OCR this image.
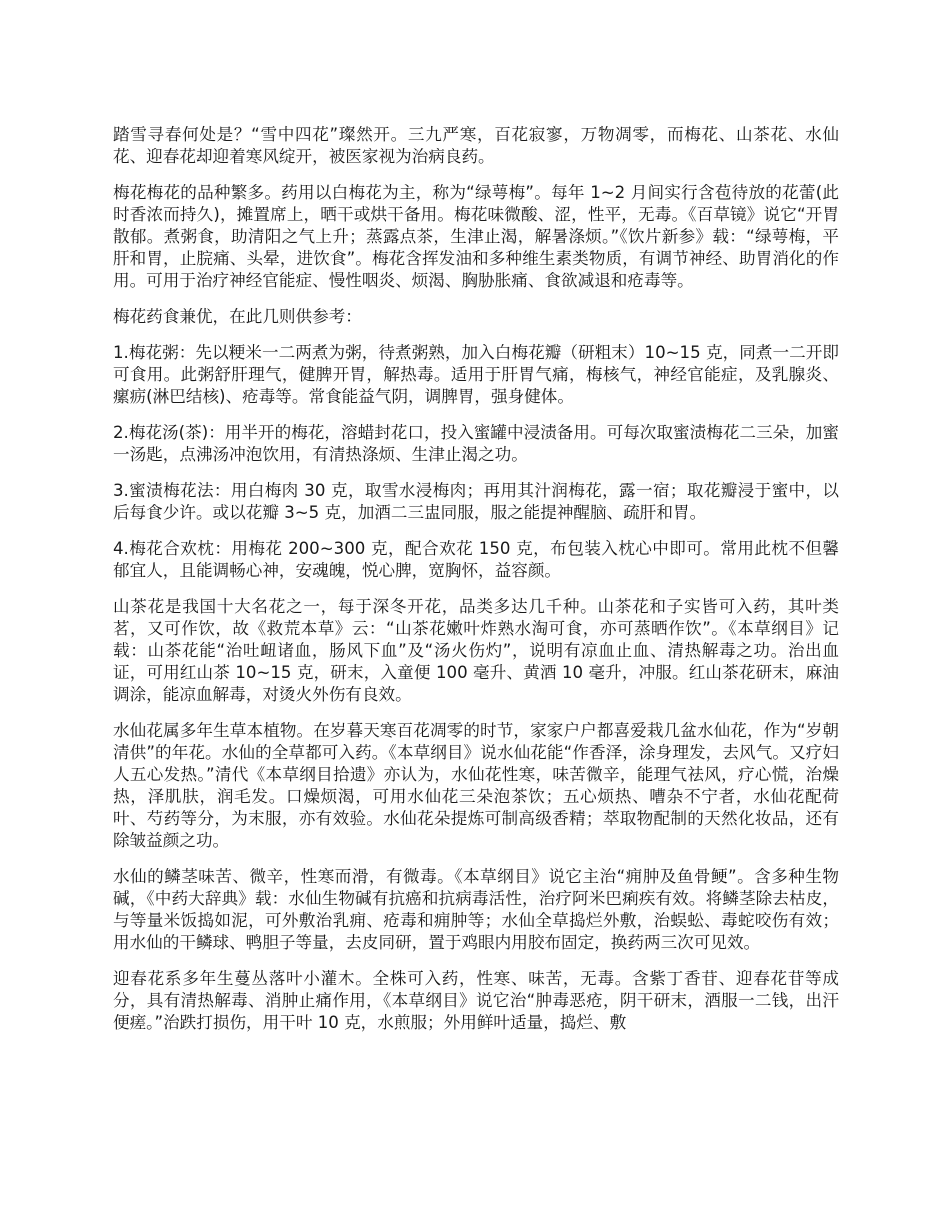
踏雪寻春何处是？“雪中四花”璨然开。三九严寒，百花寂寥，万物凋零，而梅花、山茶花、水仙花、迎春花却迎着寒风绽开，被医家视为治病良药。

梅花梅花的品种繁多。药用以白梅花为主，称为“绿萼梅”。每年 1~2 月间实行含苞待放的花蕾(此时香浓而持久)，摊置席上，晒干或烘干备用。梅花味微酸、涩，性平，无毒。《百草镜》说它“开胃散郁。煮粥食，助清阳之气上升；蒸露点茶，生津止渴，解暑涤烦。”《饮片新参》载：“绿萼梅，平肝和胃，止脘痛、头晕，进饮食”。梅花含挥发油和多种维生素类物质，有调节神经、助胃消化的作用。可用于治疗神经官能症、慢性咽炎、烦渴、胸胁胀痛、食欲减退和疮毒等。

梅花药食兼优，在此几则供参考：

1.梅花粥：先以粳米一二两煮为粥，待煮粥熟，加入白梅花瓣（研粗末）10~15 克，同煮一二开即可食用。此粥舒肝理气，健脾开胃，解热毒。适用于肝胃气痛，梅核气，神经官能症，及乳腺炎、瘰疬(淋巴结核)、疮毒等。常食能益气阴，调脾胃，强身健体。

2.梅花汤(茶)：用半开的梅花，溶蜡封花口，投入蜜罐中浸渍备用。可每次取蜜渍梅花二三朵，加蜜一汤匙，点沸汤冲泡饮用，有清热涤烦、生津止渴之功。

3.蜜渍梅花法：用白梅肉 30 克，取雪水浸梅肉；再用其汁润梅花，露一宿；取花瓣浸于蜜中，以后每食少许。或以花瓣 3~5 克，加酒二三盅同服，服之能提神醒脑、疏肝和胃。

4.梅花合欢枕：用梅花 200~300 克，配合欢花 150 克，布包装入枕心中即可。常用此枕不但馨郁宜人，且能调畅心神，安魂魄，悦心脾，宽胸怀，益容颜。

山茶花是我国十大名花之一，每于深冬开花，品类多达几千种。山茶花和子实皆可入药，其叶类茗，又可作饮，故《救荒本草》云：“山茶花嫩叶炸熟水淘可食，亦可蒸晒作饮”。《本草纲目》记载：山茶花能“治吐衄诸血，肠风下血”及“汤火伤灼”，说明有凉血止血、清热解毒之功。治出血证，可用红山茶 10~15 克，研末，入童便 100 毫升、黄酒 10 毫升，冲服。红山茶花研末，麻油调涂，能凉血解毒，对烫火外伤有良效。

水仙花属多年生草本植物。在岁暮天寒百花凋零的时节，家家户户都喜爱栽几盆水仙花，作为“岁朝清供”的年花。水仙的全草都可入药。《本草纲目》说水仙花能“作香泽，涂身理发，去风气。又疗妇人五心发热。”清代《本草纲目拾遗》亦认为，水仙花性寒，味苦微辛，能理气祛风，疗心慌，治燥热，泽肌肤，润毛发。口燥烦渴，可用水仙花三朵泡茶饮；五心烦热、嘈杂不宁者，水仙花配荷叶、芍药等分，为末服，亦有效验。水仙花朵提炼可制高级香精；萃取物配制的天然化妆品，还有除皱益颜之功。

水仙的鳞茎味苦、微辛，性寒而滑，有微毒。《本草纲目》说它主治“痈肿及鱼骨鲠”。含多种生物碱，《中药大辞典》载：水仙生物碱有抗癌和抗病毒活性，治疗阿米巴痢疾有效。将鳞茎除去枯皮，与等量米饭捣如泥，可外敷治乳痈、疮毒和痈肿等；水仙全草捣烂外敷，治蜈蚣、毒蛇咬伤有效；用水仙的干鳞球、鸭胆子等量，去皮同研，置于鸡眼内用胶布固定，换药两三次可见效。

迎春花系多年生蔓丛落叶小灌木。全株可入药，性寒、味苦，无毒。含紫丁香苷、迎春花苷等成分，具有清热解毒、消肿止痛作用，《本草纲目》说它治“肿毒恶疮，阴干研末，酒服一二钱，出汗便瘥。”治跌打损伤，用干叶 10 克，水煎服；外用鲜叶适量，捣烂、敷
